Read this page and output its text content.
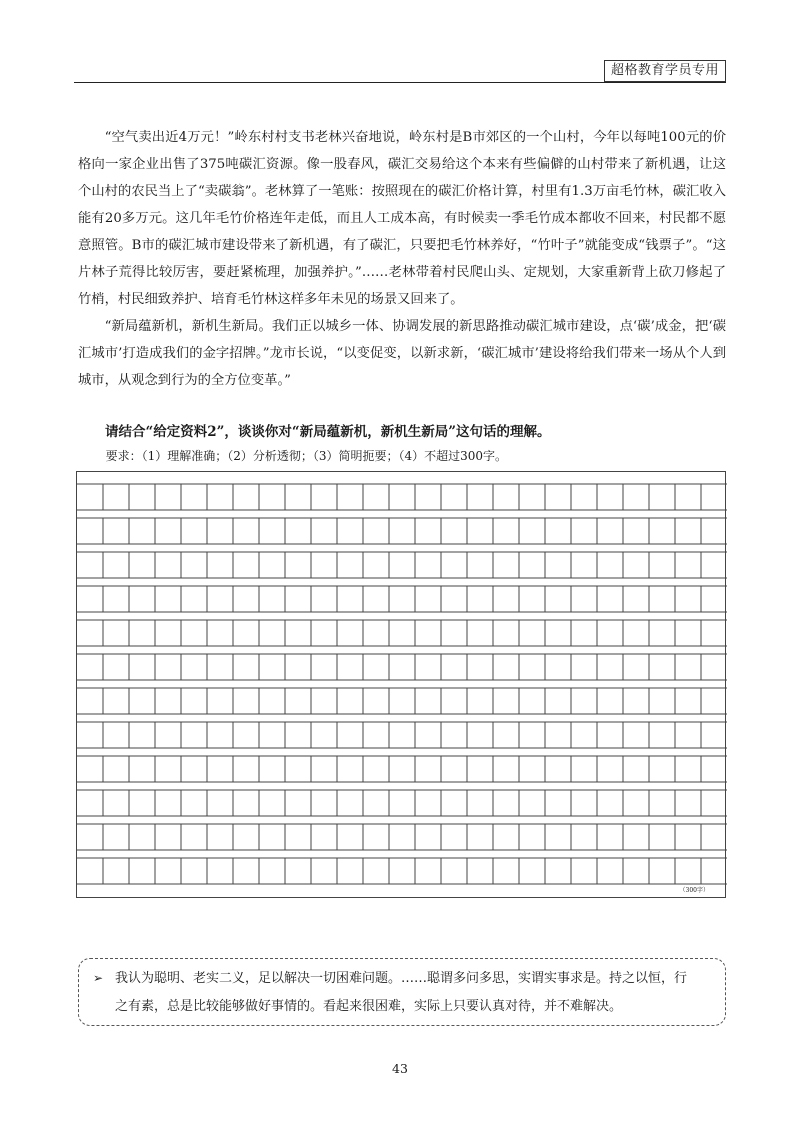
超格教育学员专用

“空气卖出近4万元！”岭东村村支书老林兴奋地说，岭东村是B市郊区的一个山村，今年以每吨100元的价格向一家企业出售了375吨碳汇资源。像一股春风，碳汇交易给这个本来有些偏僻的山村带来了新机遇，让这个山村的农民当上了“卖碳翁”。老林算了一笔账：按照现在的碳汇价格计算，村里有1.3万亩毛竹林，碳汇收入能有20多万元。这几年毛竹价格连年走低，而且人工成本高，有时候卖一季毛竹成本都收不回来，村民都不愿意照管。B市的碳汇城市建设带来了新机遇，有了碳汇，只要把毛竹林养好，“竹叶子”就能变成“钱票子”。“这片林子荒得比较厉害，要赶紧梳理，加强养护。”……老林带着村民爬山头、定规划，大家重新背上砍刀修起了竹梢，村民细致养护、培育毛竹林这样多年未见的场景又回来了。

“新局蕴新机，新机生新局。我们正以城乡一体、协调发展的新思路推动碳汇城市建设，点‘碳’成金，把‘碳汇城市’打造成我们的金字招牌。”龙市长说，“以变促变，以新求新，‘碳汇城市’建设将给我们带来一场从个人到城市，从观念到行为的全方位变革。”

请结合“给定资料2”，谈谈你对“新局蕴新机，新机生新局”这句话的理解。
要求：（1）理解准确；（2）分析透彻；（3）简明扼要；（4）不超过300字。
（300字）
➢ 我认为聪明、老实二义，足以解决一切困难问题。……聪谓多问多思，实谓实事求是。持之以恒，行
之有素，总是比较能够做好事情的。看起来很困难，实际上只要认真对待，并不难解决。
43
